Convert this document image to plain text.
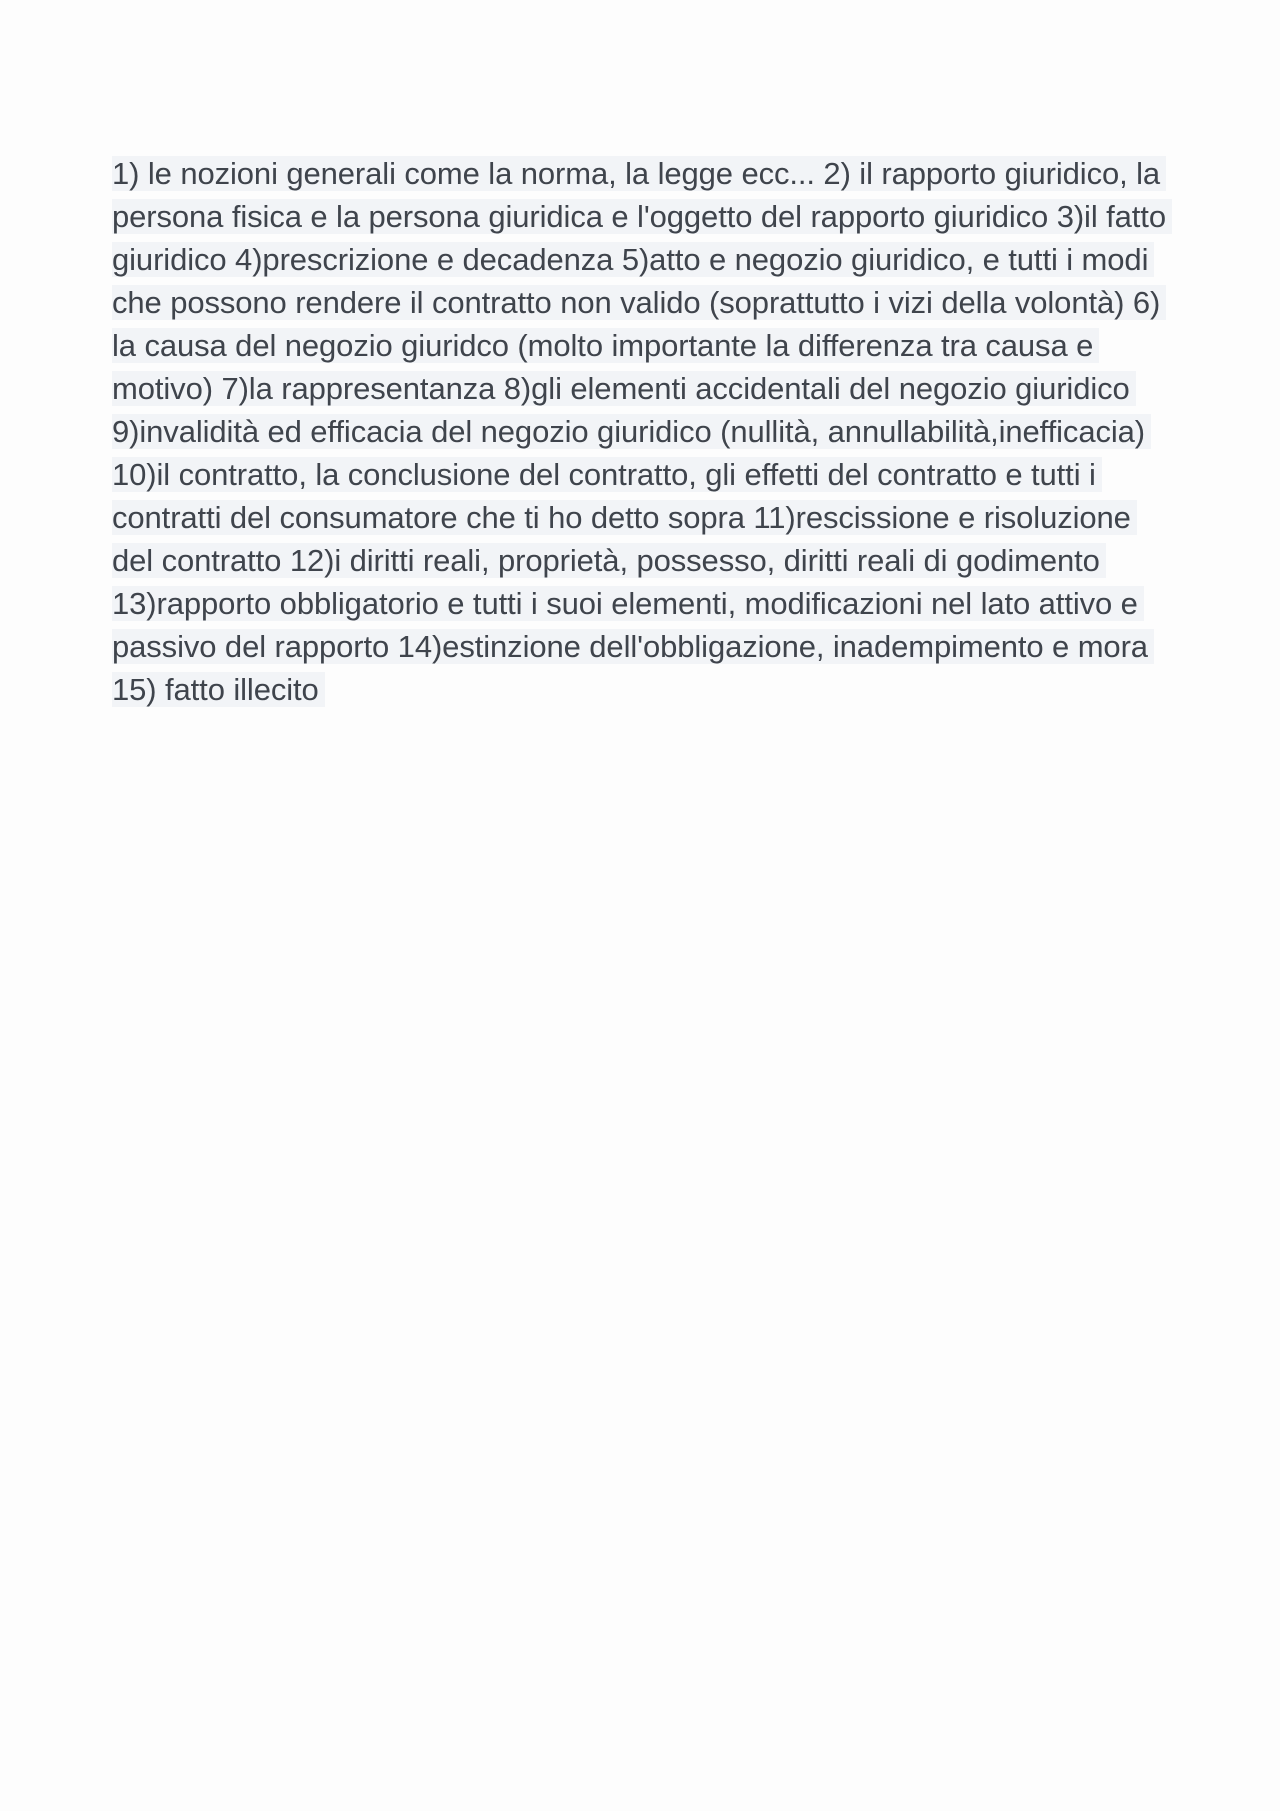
1) le nozioni generali come la norma, la legge ecc... 2) il rapporto giuridico, la
persona fisica e la persona giuridica e l'oggetto del rapporto giuridico 3)il fatto
giuridico 4)prescrizione e decadenza 5)atto e negozio giuridico, e tutti i modi
che possono rendere il contratto non valido (soprattutto i vizi della volontà) 6)
la causa del negozio giuridco (molto importante la differenza tra causa e
motivo) 7)la rappresentanza 8)gli elementi accidentali del negozio giuridico
9)invalidità ed efficacia del negozio giuridico (nullità, annullabilità,inefficacia)
10)il contratto, la conclusione del contratto, gli effetti del contratto e tutti i
contratti del consumatore che ti ho detto sopra 11)rescissione e risoluzione
del contratto 12)i diritti reali, proprietà, possesso, diritti reali di godimento
13)rapporto obbligatorio e tutti i suoi elementi, modificazioni nel lato attivo e
passivo del rapporto 14)estinzione dell'obbligazione, inadempimento e mora
15) fatto illecito
